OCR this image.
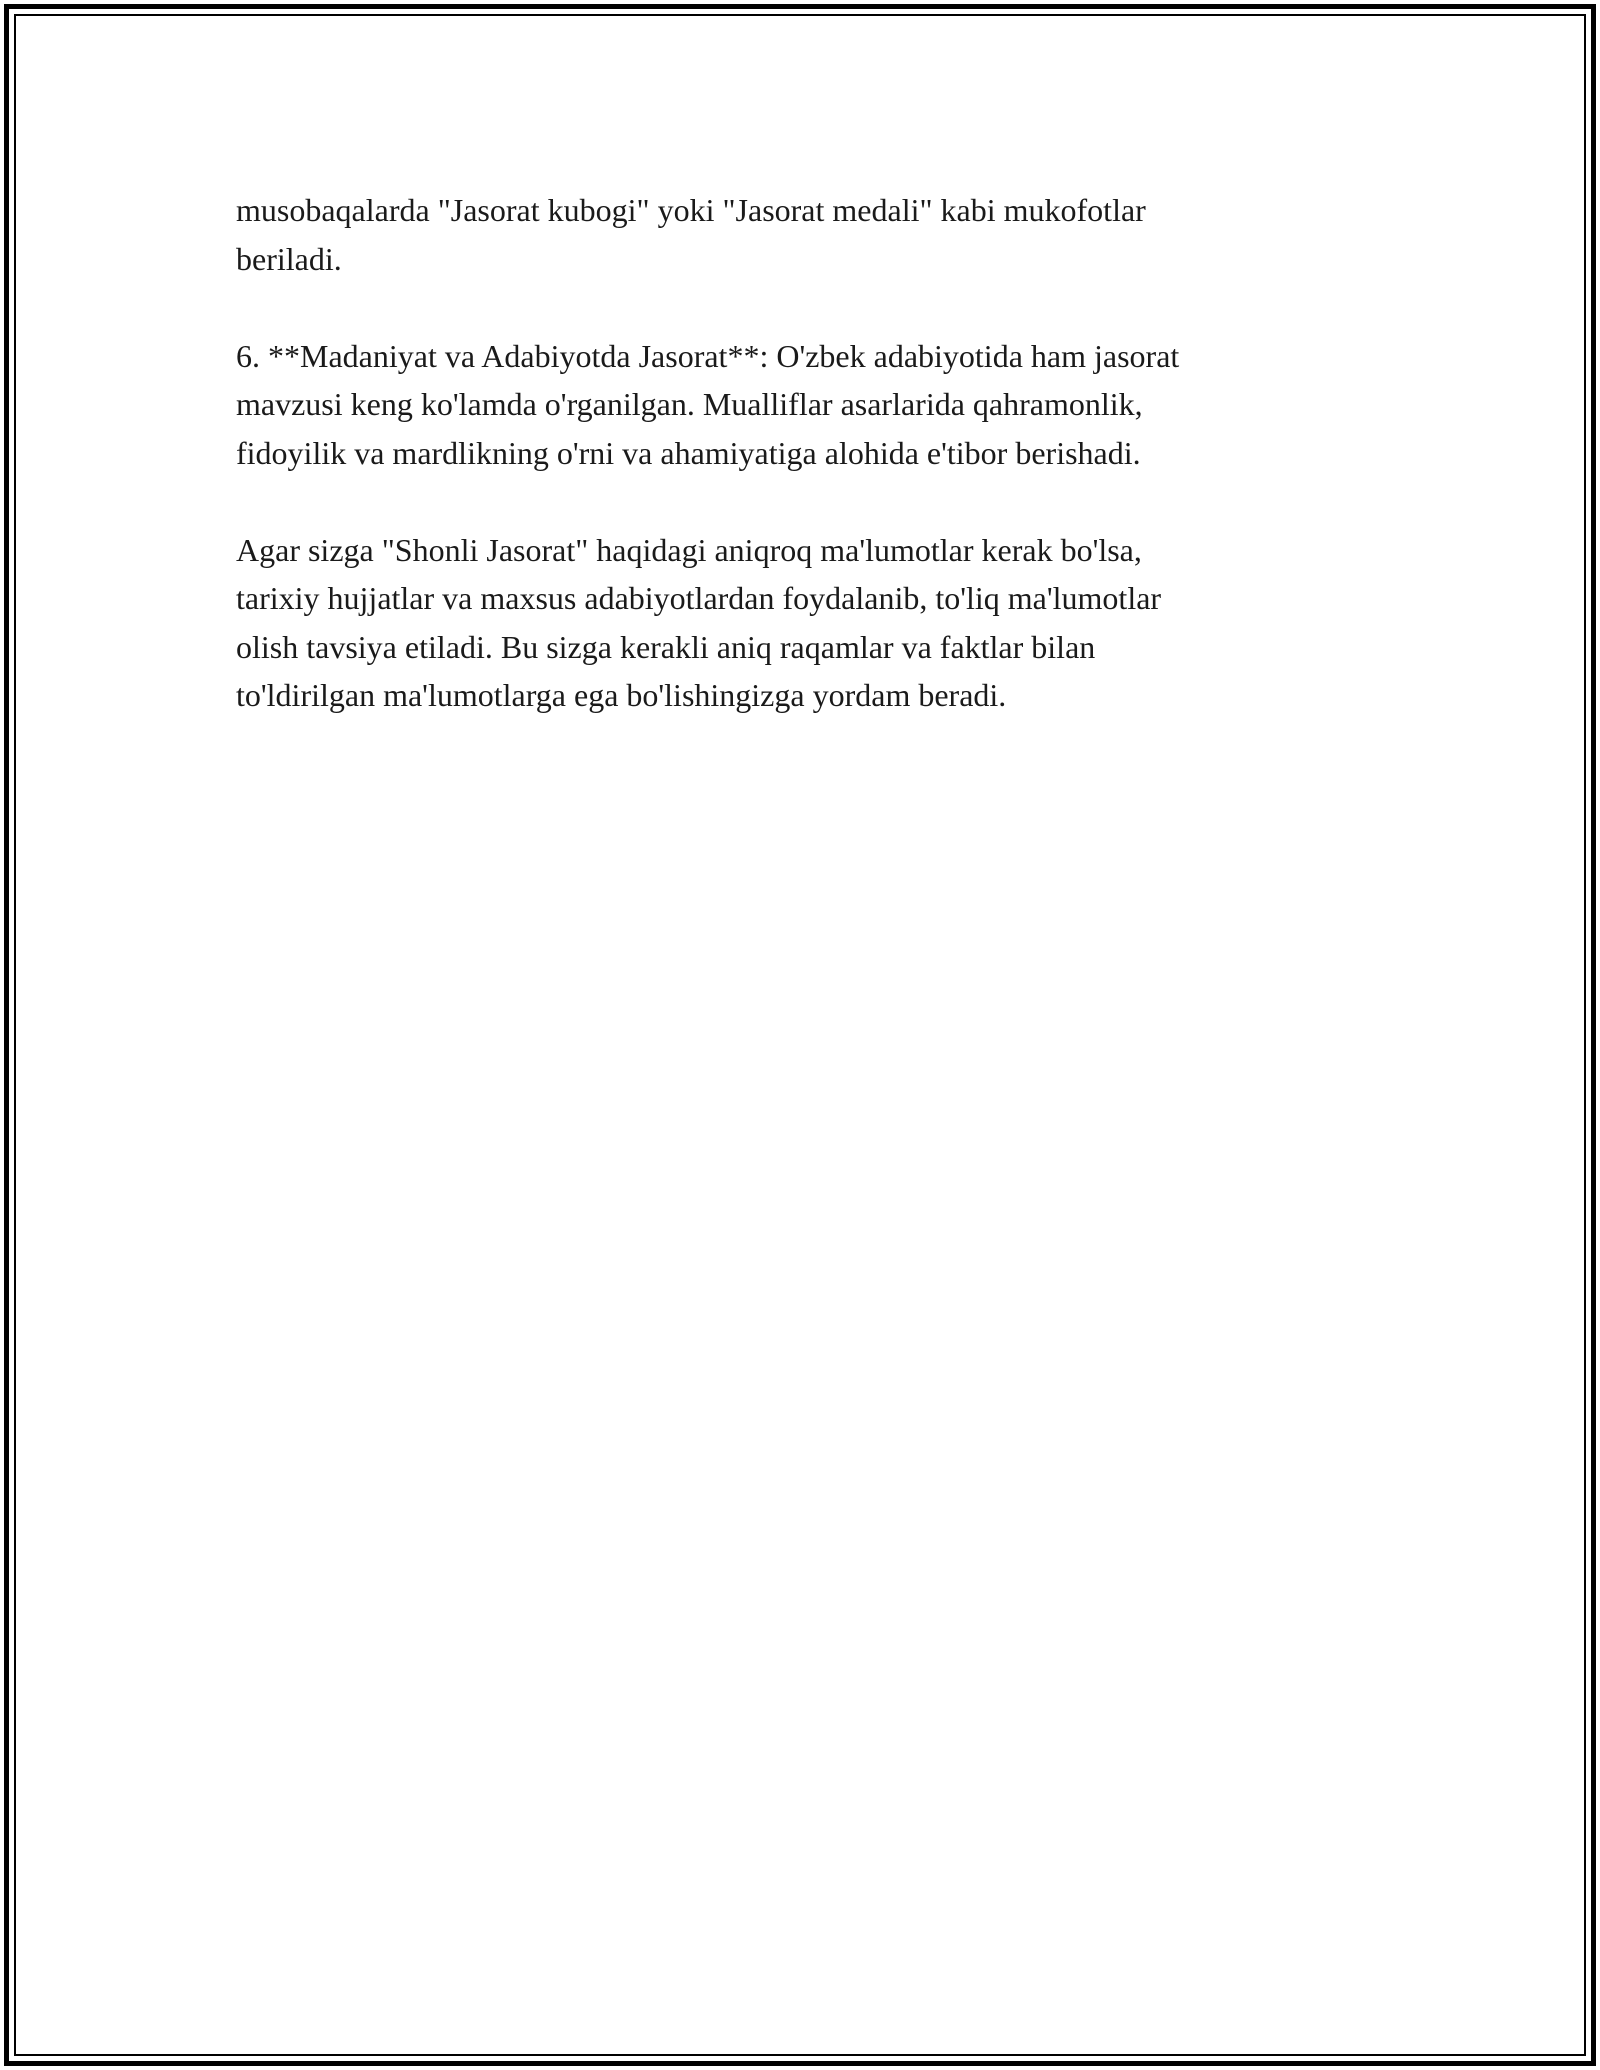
musobaqalarda "Jasorat kubogi" yoki "Jasorat medali" kabi mukofotlar
beriladi.

6. **Madaniyat va Adabiyotda Jasorat**: O'zbek adabiyotida ham jasorat
mavzusi keng ko'lamda o'rganilgan. Mualliflar asarlarida qahramonlik,
fidoyilik va mardlikning o'rni va ahamiyatiga alohida e'tibor berishadi.

Agar sizga "Shonli Jasorat" haqidagi aniqroq ma'lumotlar kerak bo'lsa,
tarixiy hujjatlar va maxsus adabiyotlardan foydalanib, to'liq ma'lumotlar
olish tavsiya etiladi. Bu sizga kerakli aniq raqamlar va faktlar bilan
to'ldirilgan ma'lumotlarga ega bo'lishingizga yordam beradi.
